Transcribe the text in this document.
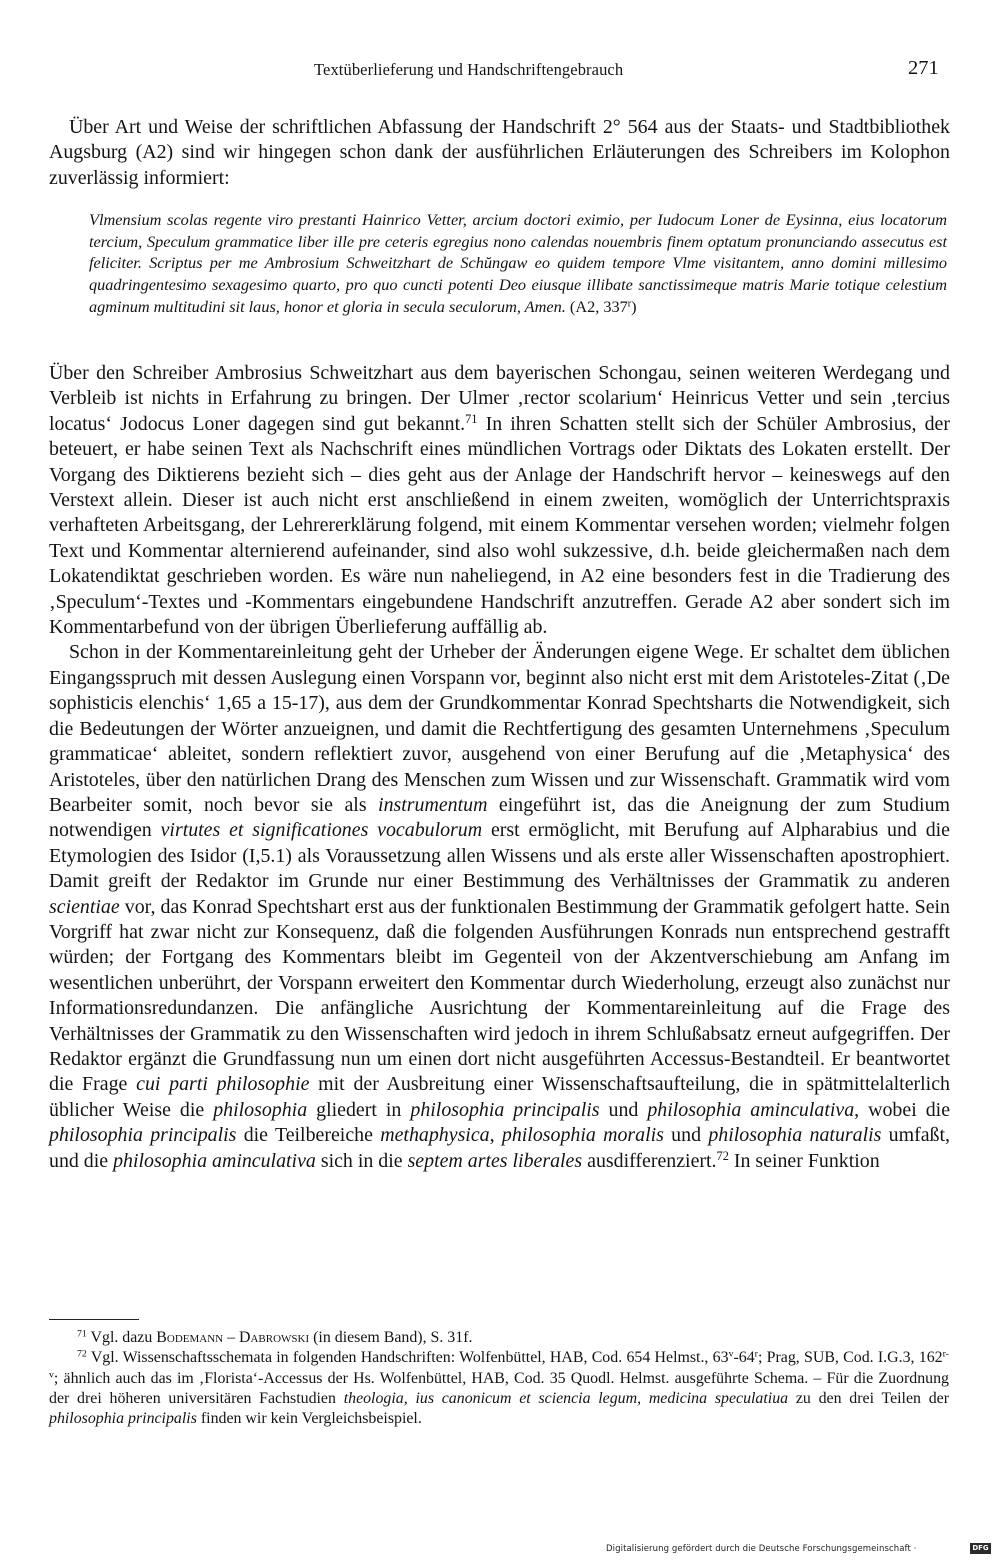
Textüberlieferung und Handschriftengebrauch	271

Über Art und Weise der schriftlichen Abfassung der Handschrift 2° 564 aus der Staats- und Stadtbibliothek Augsburg (A2) sind wir hingegen schon dank der ausführlichen Erläuterungen des Schreibers im Kolophon zuverlässig informiert:

Vlmensium scolas regente viro prestanti Hainrico Vetter, arcium doctori eximio, per Iudocum Loner de Eysinna, eius locatorum tercium, Speculum grammatice liber ille pre ceteris egregius nono calendas nouembris finem optatum pronunciando assecutus est feliciter. Scriptus per me Ambrosium Schweitzhart de Schŭngaw eo quidem tempore Vlme visitantem, anno domini millesimo quadringentesimo sexagesimo quarto, pro quo cuncti potenti Deo eiusque illibate sanctissimeque matris Marie totique celestium agminum multitudini sit laus, honor et gloria in secula seculorum, Amen. (A2, 337$^r$)

Über den Schreiber Ambrosius Schweitzhart aus dem bayerischen Schongau, seinen weiteren Werdegang und Verbleib ist nichts in Erfahrung zu bringen. Der Ulmer ‚rector scolarium‘ Heinricus Vetter und sein ‚tercius locatus‘ Jodocus Loner dagegen sind gut bekannt.$^{71}$ In ihren Schatten stellt sich der Schüler Ambrosius, der beteuert, er habe seinen Text als Nachschrift eines mündlichen Vortrags oder Diktats des Lokaten erstellt. Der Vorgang des Diktierens bezieht sich – dies geht aus der Anlage der Handschrift hervor – keineswegs auf den Verstext allein. Dieser ist auch nicht erst anschließend in einem zweiten, womöglich der Unterrichtspraxis verhafteten Arbeitsgang, der Lehrererklärung folgend, mit einem Kommentar versehen worden; vielmehr folgen Text und Kommentar alternierend aufeinander, sind also wohl sukzessive, d.h. beide gleichermaßen nach dem Lokatendiktat geschrieben worden. Es wäre nun naheliegend, in A2 eine besonders fest in die Tradierung des ‚Speculum‘-Textes und -Kommentars eingebundene Handschrift anzutreffen. Gerade A2 aber sondert sich im Kommentarbefund von der übrigen Überlieferung auffällig ab.

Schon in der Kommentareinleitung geht der Urheber der Änderungen eigene Wege. Er schaltet dem üblichen Eingangsspruch mit dessen Auslegung einen Vorspann vor, beginnt also nicht erst mit dem Aristoteles-Zitat (‚De sophisticis elenchis‘ 1,65 a 15-17), aus dem der Grundkommentar Konrad Spechtsharts die Notwendigkeit, sich die Bedeutungen der Wörter anzueignen, und damit die Rechtfertigung des gesamten Unternehmens ‚Speculum grammaticae‘ ableitet, sondern reflektiert zuvor, ausgehend von einer Berufung auf die ‚Metaphysica‘ des Aristoteles, über den natürlichen Drang des Menschen zum Wissen und zur Wissenschaft. Grammatik wird vom Bearbeiter somit, noch bevor sie als instrumentum eingeführt ist, das die Aneignung der zum Studium notwendigen virtutes et significationes vocabulorum erst ermöglicht, mit Berufung auf Alpharabius und die Etymologien des Isidor (I,5.1) als Voraussetzung allen Wissens und als erste aller Wissenschaften apostrophiert. Damit greift der Redaktor im Grunde nur einer Bestimmung des Verhältnisses der Grammatik zu anderen scientiae vor, das Konrad Spechtshart erst aus der funktionalen Bestimmung der Grammatik gefolgert hatte. Sein Vorgriff hat zwar nicht zur Konsequenz, daß die folgenden Ausführungen Konrads nun entsprechend gestrafft würden; der Fortgang des Kommentars bleibt im Gegenteil von der Akzentverschiebung am Anfang im wesentlichen unberührt, der Vorspann erweitert den Kommentar durch Wiederholung, erzeugt also zunächst nur Informationsredundanzen. Die anfängliche Ausrichtung der Kommentareinleitung auf die Frage des Verhältnisses der Grammatik zu den Wissenschaften wird jedoch in ihrem Schlußabsatz erneut aufgegriffen. Der Redaktor ergänzt die Grundfassung nun um einen dort nicht ausgeführten Accessus-Bestandteil. Er beantwortet die Frage cui parti philosophie mit der Ausbreitung einer Wissenschaftsaufteilung, die in spätmittelalterlich üblicher Weise die philosophia gliedert in philosophia principalis und philosophia aminculativa, wobei die philosophia principalis die Teilbereiche methaphysica, philosophia moralis und philosophia naturalis umfaßt, und die philosophia aminculativa sich in die septem artes liberales ausdifferenziert.$^{72}$ In seiner Funktion

$^{71}$ Vgl. dazu Bodemann – Dabrowski (in diesem Band), S. 31f.

$^{72}$ Vgl. Wissenschaftsschemata in folgenden Handschriften: Wolfenbüttel, HAB, Cod. 654 Helmst., 63$^v$-64$^r$; Prag, SUB, Cod. I.G.3, 162$^{r-v}$; ähnlich auch das im ‚Florista‘-Accessus der Hs. Wolfenbüttel, HAB, Cod. 35 Quodl. Helmst. ausgeführte Schema. – Für die Zuordnung der drei höheren universitären Fachstudien theologia, ius canonicum et sciencia legum, medicina speculatiua zu den drei Teilen der philosophia principalis finden wir kein Vergleichsbeispiel.

Digitalisierung gefördert durch die Deutsche Forschungsgemeinschaft ·	DFG
